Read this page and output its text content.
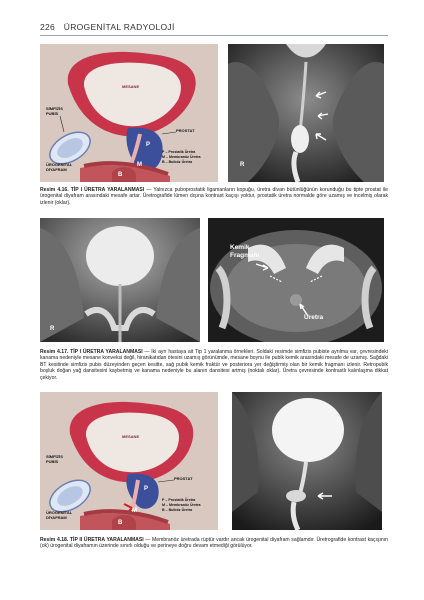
226 ÜROGENİTAL RADYOLOJİ
MESANE
SİMFİZİS
PUBİS
PROSTAT
ÜROGENİTAL
DİYAFRAM
P
M
B
P – Prostatik Üretra
M – Membranöz Üretra
B – Bulböz Üretra	R
Resim 4.16. TİP I ÜRETRA YARALANMASI — Yalnızca puboprostatik ligamanların kopuğu, üretra divan bütünlüğünün korunduğu bu tipte prostat ile ürogenital diyafram arasındaki mesafe artar. Üretrografide lümen dışına kontrast kaçışı yoktur, prostatik üretra normalde göre uzamış ve incelmiş olarak izlenir (oklar).
R
Kemik
Fragmanı
Üretra
Resim 4.17. TİP I ÜRETRA YARALANMASI — İki ayrı hastaya ait Tip 1 yaralanma örnekleri. Soldaki resimde simfizis pubiste ayrılma var, çevresindeki kanama nedeniyle mesane konveksi değil, hiranikatıdan ötesini uzamış görünümde, mesane boynu ile pubik kemik arasındaki mesafe de uzamış. Sağdaki BT kesitinde simfizis pubis düzeyinden geçen kesitte, sağ pubik kemik fraktür ve posteriora yer değiştirmiş olan bir kemik fragmanı izlenir. Retropubik boşluk doğan yağ dansitesini kaybetmiş ve kanama nedeniyle bu alanın dansitesi artmış (noktalı oklar). Üretra çevresinde kontrastlı kalınlaşma dikkat çekiyor.
MESANE
SİMFİZİS
PUBİS
PROSTAT
ÜROGENİTAL
DİYAFRAM
P
M
B
P – Prostatik Üretra
M – Membranöz Üretra
B – Bulböz Üretra
Resim 4.18. TİP II ÜRETRA YARALANMASI — Membranöz üretrada rüptür vardır ancak ürogenital diyafram sağlamdır. Üretrografide kontrast kaçışının (ok) ürogenital diyaframın üzerinde sınırlı olduğu ve perineye doğru devam etmediği görülüyor.
